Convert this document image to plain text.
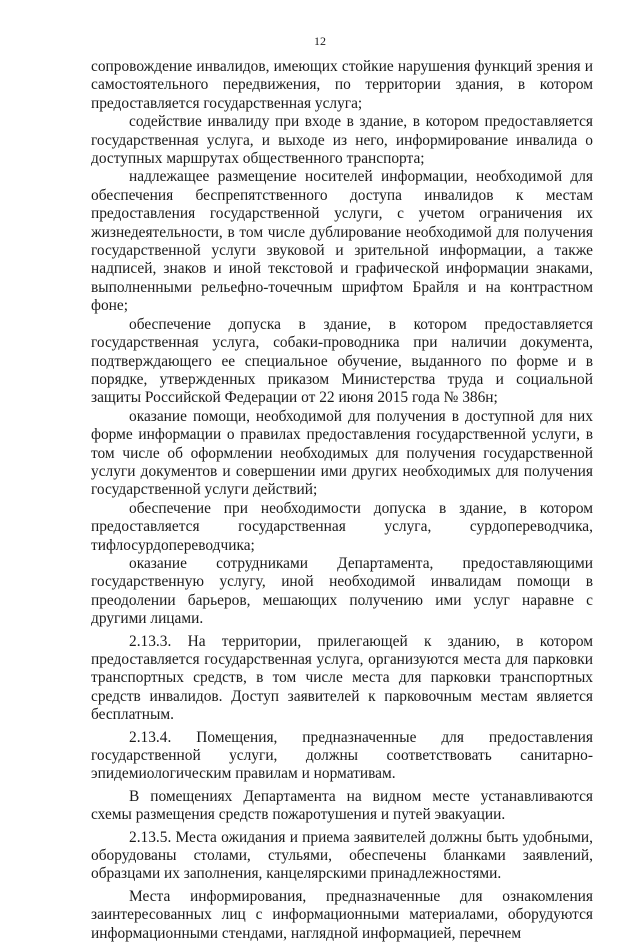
12

сопровождение инвалидов, имеющих стойкие нарушения функций зрения и самостоятельного передвижения, по территории здания, в котором предоставляется государственная услуга;

содействие инвалиду при входе в здание, в котором предоставляется государственная услуга, и выходе из него, информирование инвалида о доступных маршрутах общественного транспорта;

надлежащее размещение носителей информации, необходимой для обеспечения беспрепятственного доступа инвалидов к местам предоставления государственной услуги, с учетом ограничения их жизнедеятельности, в том числе дублирование необходимой для получения государственной услуги звуковой и зрительной информации, а также надписей, знаков и иной текстовой и графической информации знаками, выполненными рельефно-точечным шрифтом Брайля и на контрастном фоне;

обеспечение допуска в здание, в котором предоставляется государственная услуга, собаки-проводника при наличии документа, подтверждающего ее специальное обучение, выданного по форме и в порядке, утвержденных приказом Министерства труда и социальной защиты Российской Федерации от 22 июня 2015 года № 386н;

оказание помощи, необходимой для получения в доступной для них форме информации о правилах предоставления государственной услуги, в том числе об оформлении необходимых для получения государственной услуги документов и совершении ими других необходимых для получения государственной услуги действий;

обеспечение при необходимости допуска в здание, в котором предоставляется государственная услуга, сурдопереводчика, тифлосурдопереводчика;

оказание сотрудниками Департамента, предоставляющими государственную услугу, иной необходимой инвалидам помощи в преодолении барьеров, мешающих получению ими услуг наравне с другими лицами.

2.13.3. На территории, прилегающей к зданию, в котором предоставляется государственная услуга, организуются места для парковки транспортных средств, в том числе места для парковки транспортных средств инвалидов. Доступ заявителей к парковочным местам является бесплатным.

2.13.4. Помещения, предназначенные для предоставления государственной услуги, должны соответствовать санитарно-эпидемиологическим правилам и нормативам.

В помещениях Департамента на видном месте устанавливаются схемы размещения средств пожаротушения и путей эвакуации.

2.13.5. Места ожидания и приема заявителей должны быть удобными, оборудованы столами, стульями, обеспечены бланками заявлений, образцами их заполнения, канцелярскими принадлежностями.

Места информирования, предназначенные для ознакомления заинтересованных лиц с информационными материалами, оборудуются информационными стендами, наглядной информацией, перечнем
